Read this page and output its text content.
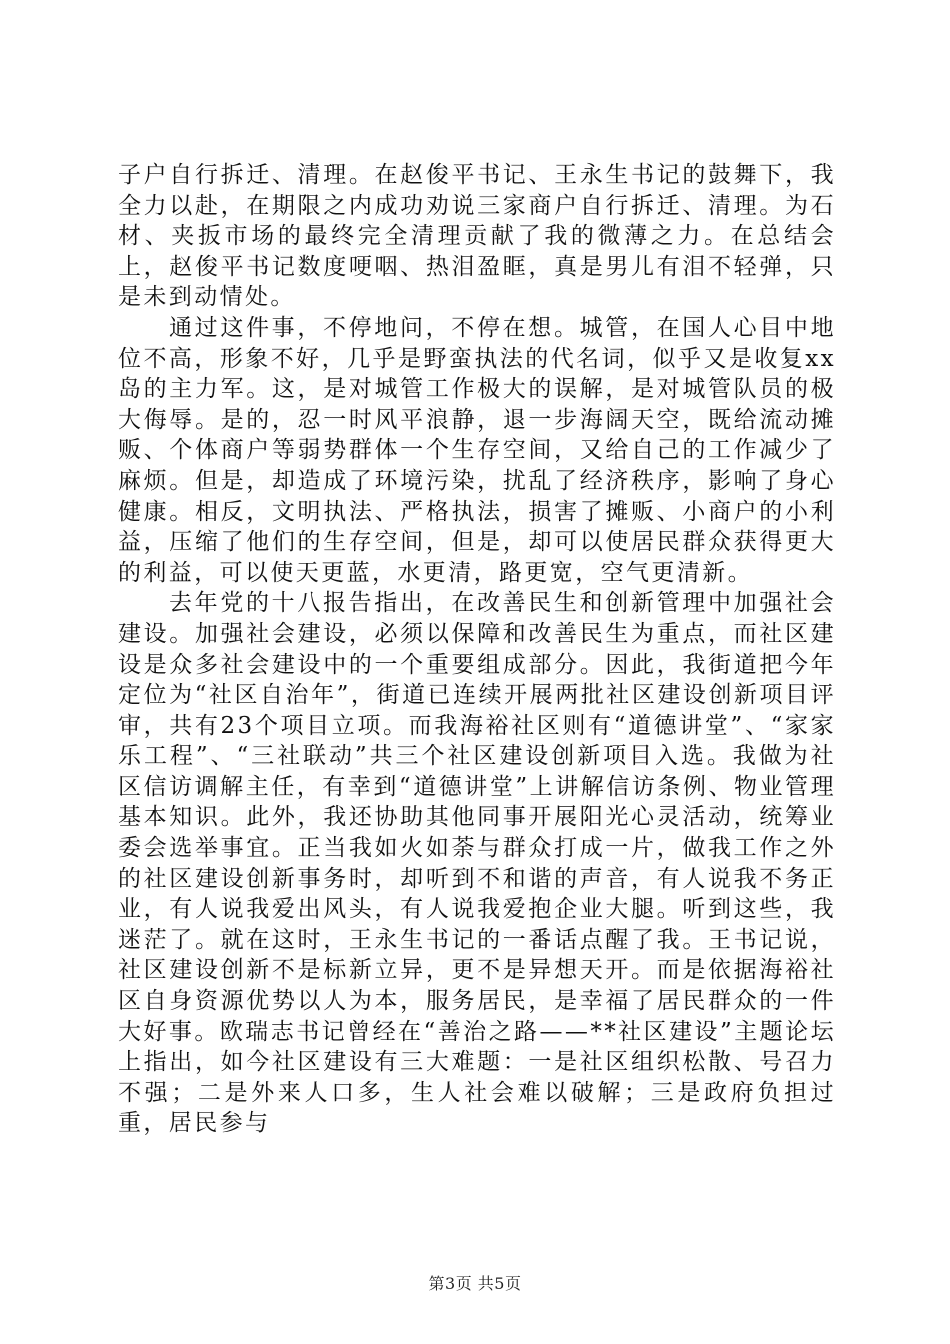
子户自行拆迁、清理。在赵俊平书记、王永生书记的鼓舞下，我全力以赴，在期限之内成功劝说三家商户自行拆迁、清理。为石材、夹扳市场的最终完全清理贡献了我的微薄之力。在总结会上，赵俊平书记数度哽咽、热泪盈眶，真是男儿有泪不轻弹，只是未到动情处。

通过这件事，不停地问，不停在想。城管，在国人心目中地位不高，形象不好，几乎是野蛮执法的代名词，似乎又是收复xx岛的主力军。这，是对城管工作极大的误解，是对城管队员的极大侮辱。是的，忍一时风平浪静，退一步海阔天空，既给流动摊贩、个体商户等弱势群体一个生存空间，又给自己的工作减少了麻烦。但是，却造成了环境污染，扰乱了经济秩序，影响了身心健康。相反，文明执法、严格执法，损害了摊贩、小商户的小利益，压缩了他们的生存空间，但是，却可以使居民群众获得更大的利益，可以使天更蓝，水更清，路更宽，空气更清新。

去年党的十八报告指出，在改善民生和创新管理中加强社会建设。加强社会建设，必须以保障和改善民生为重点，而社区建设是众多社会建设中的一个重要组成部分。因此，我街道把今年定位为“社区自治年”，街道已连续开展两批社区建设创新项目评审，共有23个项目立项。而我海裕社区则有“道德讲堂”、“家家乐工程”、“三社联动”共三个社区建设创新项目入选。我做为社区信访调解主任，有幸到“道德讲堂”上讲解信访条例、物业管理基本知识。此外，我还协助其他同事开展阳光心灵活动，统筹业委会选举事宜。正当我如火如荼与群众打成一片，做我工作之外的社区建设创新事务时，却听到不和谐的声音，有人说我不务正业，有人说我爱出风头，有人说我爱抱企业大腿。听到这些，我迷茫了。就在这时，王永生书记的一番话点醒了我。王书记说，社区建设创新不是标新立异，更不是异想天开。而是依据海裕社区自身资源优势以人为本，服务居民，是幸福了居民群众的一件大好事。欧瑞志书记曾经在“善治之路——**社区建设”主题论坛上指出，如今社区建设有三大难题：一是社区组织松散、号召力不强；二是外来人口多，生人社会难以破解；三是政府负担过重，居民参与

第3页 共5页
